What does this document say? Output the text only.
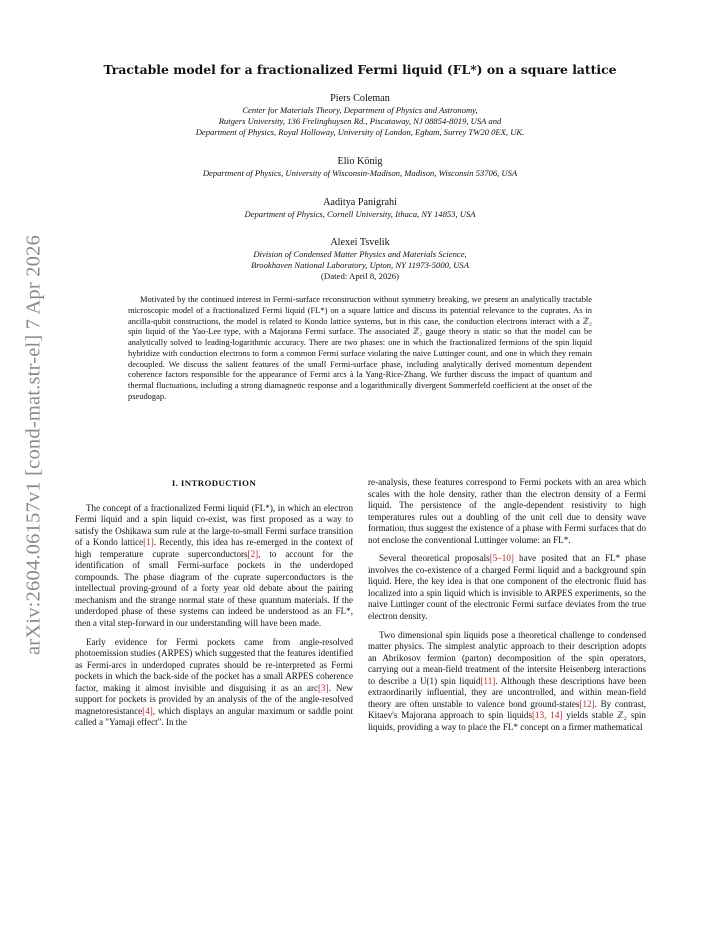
arXiv:2604.06157v1 [cond-mat.str-el] 7 Apr 2026
Tractable model for a fractionalized Fermi liquid (FL*) on a square lattice
Piers Coleman
Center for Materials Theory, Department of Physics and Astronomy,
Rutgers University, 136 Frelinghuysen Rd., Piscataway, NJ 08854-8019, USA and
Department of Physics, Royal Holloway, University of London, Egham, Surrey TW20 0EX, UK.
Elio König
Department of Physics, University of Wisconsin-Madison, Madison, Wisconsin 53706, USA
Aaditya Panigrahi
Department of Physics, Cornell University, Ithaca, NY 14853, USA
Alexei Tsvelik
Division of Condensed Matter Physics and Materials Science,
Brookhaven National Laboratory, Upton, NY 11973-5000, USA
(Dated: April 8, 2026)
Motivated by the continued interest in Fermi-surface reconstruction without symmetry breaking, we present an analytically tractable microscopic model of a fractionalized Fermi liquid (FL*) on a square lattice and discuss its potential relevance to the cuprates. As in ancilla-qubit constructions, the model is related to Kondo lattice systems, but in this case, the conduction electrons interact with a ℤ₂ spin liquid of the Yao-Lee type, with a Majorana Fermi surface. The associated ℤ₂ gauge theory is static so that the model can be analytically solved to leading-logarithmic accuracy. There are two phases: one in which the fractionalized fermions of the spin liquid hybridize with conduction electrons to form a common Fermi surface violating the naive Luttinger count, and one in which they remain decoupled. We discuss the salient features of the small Fermi-surface phase, including analytically derived momentum dependent coherence factors responsible for the appearance of Fermi arcs à la Yang-Rice-Zhang. We further discuss the impact of quantum and thermal fluctuations, including a strong diamagnetic response and a logarithmically divergent Sommerfeld coefficient at the onset of the pseudogap.
I. INTRODUCTION

The concept of a fractionalized Fermi liquid (FL*), in which an electron Fermi liquid and a spin liquid co-exist, was first proposed as a way to satisfy the Oshikawa sum rule at the large-to-small Fermi surface transition of a Kondo lattice[1]. Recently, this idea has re-emerged in the context of high temperature cuprate superconductors[2], to account for the identification of small Fermi-surface pockets in the underdoped compounds. The phase diagram of the cuprate superconductors is the intellectual proving-ground of a forty year old debate about the pairing mechanism and the strange normal state of these quantum materials. If the underdoped phase of these systems can indeed be understood as an FL*, then a vital step-forward in our understanding will have been made.

Early evidence for Fermi pockets came from angle-resolved photoemission studies (ARPES) which suggested that the features identified as Fermi-arcs in underdoped cuprates should be re-interpreted as Fermi pockets in which the back-side of the pocket has a small ARPES coherence factor, making it almost invisible and disguising it as an arc[3]. New support for pockets is provided by an analysis of the of the angle-resolved magnetoresistance[4], which displays an angular maximum or saddle point called a "Yamaji effect". In the

re-analysis, these features correspond to Fermi pockets with an area which scales with the hole density, rather than the electron density of a Fermi liquid. The persistence of the angle-dependent resistivity to high temperatures rules out a doubling of the unit cell due to density wave formation, thus suggest the existence of a phase with Fermi surfaces that do not enclose the conventional Luttinger volume: an FL*.

Several theoretical proposals[5–10] have posited that an FL* phase involves the co-existence of a charged Fermi liquid and a background spin liquid. Here, the key idea is that one component of the electronic fluid has localized into a spin liquid which is invisible to ARPES experiments, so the naive Luttinger count of the electronic Fermi surface deviates from the true electron density.

Two dimensional spin liquids pose a theoretical challenge to condensed matter physics. The simplest analytic approach to their description adopts an Abrikosov fermion (parton) decomposition of the spin operators, carrying out a mean-field treatment of the intersite Heisenberg interactions to describe a U(1) spin liquid[11]. Although these descriptions have been extraordinarily influential, they are uncontrolled, and within mean-field theory are often unstable to valence bond ground-states[12]. By contrast, Kitaev's Majorana approach to spin liquids[13, 14] yields stable ℤ₂ spin liquids, providing a way to place the FL* concept on a firmer mathematical
